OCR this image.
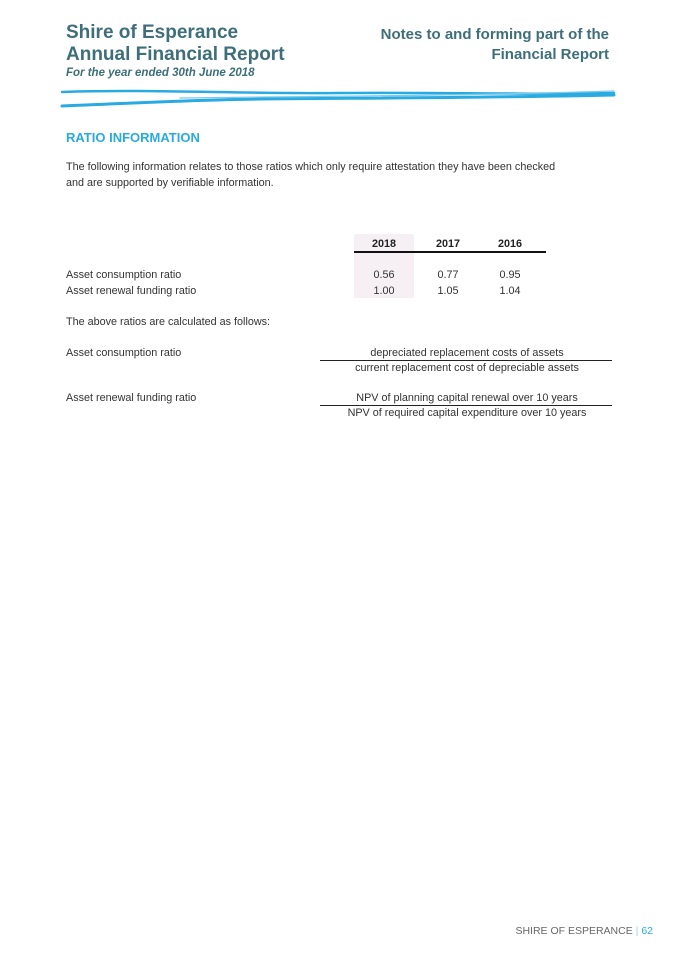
Shire of Esperance
Annual Financial Report
For the year ended 30th June 2018
Notes to and forming part of the
Financial Report
RATIO INFORMATION
The following information relates to those ratios which only require attestation they have been checked
and are supported by verifiable information.
2018	2017	2016
Asset consumption ratio	0.56	0.77	0.95
Asset renewal funding ratio	1.00	1.05	1.04
The above ratios are calculated as follows:
Asset consumption ratio	depreciated replacement costs of assets
current replacement cost of depreciable assets
Asset renewal funding ratio	NPV of planning capital renewal over 10 years
NPV of required capital expenditure over 10 years
SHIRE OF ESPERANCE | 62
